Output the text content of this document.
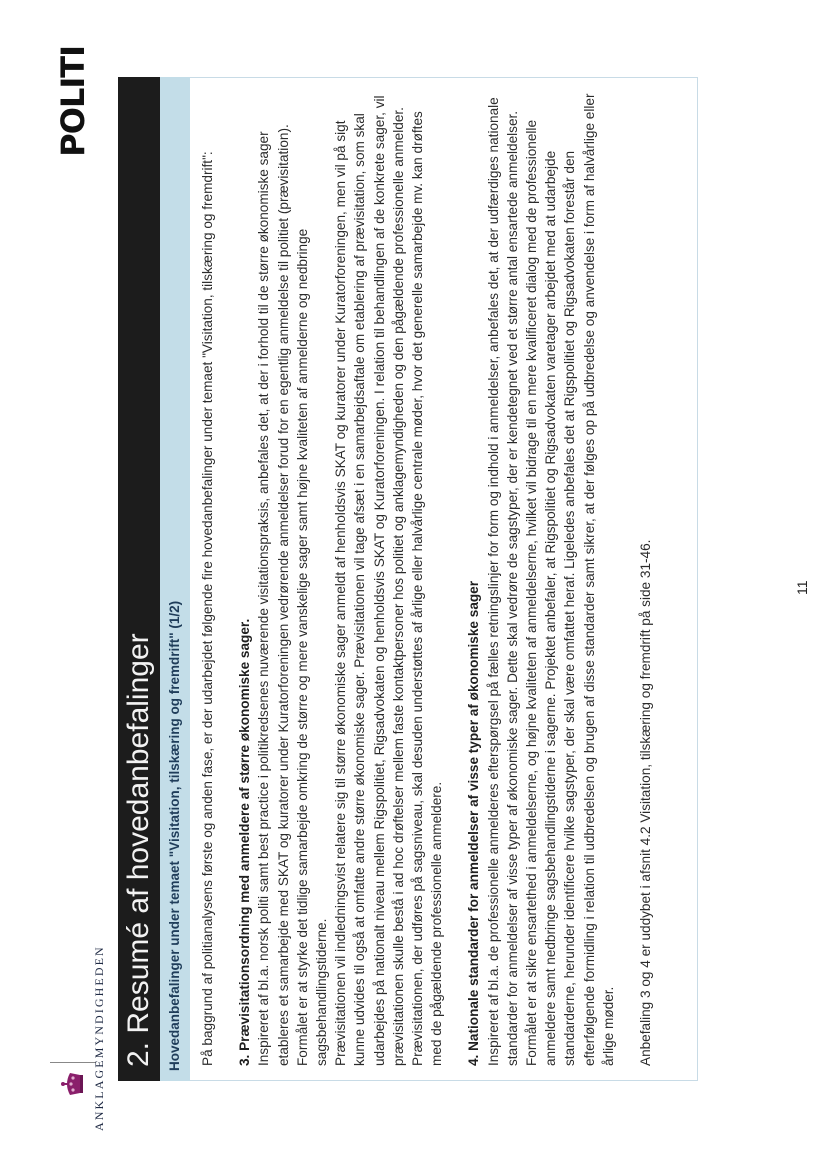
ANKLAGEMYNDIGHEDEN
POLITI
2. Resumé af hovedanbefalinger Hovedanbefalinger under temaet "Visitation, tilskæring og fremdrift" (1/2)	På baggrund af politianalysens første og anden fase, er der udarbejdet følgende fire hovedanbefalinger under temaet "Visitation, tilskæring og fremdrift": 3. Prævisitationsordning med anmeldere af større økonomiske sager. Inspireret af bl.a. norsk politi samt best practice i politikredsenes nuværende visitationspraksis, anbefales det, at der i forhold til de større økonomiske sager etableres et samarbejde med SKAT og kuratorer under Kuratorforeningen vedrørende anmeldelser forud for en egentlig anmeldelse til politiet (prævisitation). Formålet er at styrke det tidlige samarbejde omkring de større og mere vanskelige sager samt højne kvaliteten af anmelderne og nedbringe sagsbehandlingstiderne. Prævisitationen vil indledningsvist relatere sig til større økonomiske sager anmeldt af henholdsvis SKAT og kuratorer under Kuratorforeningen, men vil på sigt kunne udvides til også at omfatte andre større økonomiske sager. Prævisitationen vil tage afsæt i en samarbejdsaftale om etablering af prævisitation, som skal udarbejdes på nationalt niveau mellem Rigspolitiet, Rigsadvokaten og henholdsvis SKAT og Kuratorforeningen. I relation til behandlingen af de konkrete sager, vil prævisitationen skulle bestå i ad hoc drøftelser mellem faste kontaktpersoner hos politiet og anklagemyndigheden og den pågældende professionelle anmelder. Prævisitationen, der udføres på sagsniveau, skal desuden understøttes af årlige eller halvårlige centrale møder, hvor det generelle samarbejde mv. kan drøftes med de pågældende professionelle anmeldere. 4. Nationale standarder for anmeldelser af visse typer af økonomiske sager Inspireret af bl.a. de professionelle anmelderes efterspørgsel på fælles retningslinjer for form og indhold i anmeldelser, anbefales det, at der udfærdiges nationale standarder for anmeldelser af visse typer af økonomiske sager. Dette skal vedrøre de sagstyper, der er kendetegnet ved et større antal ensartede anmeldelser. Formålet er at sikre ensartethed i anmeldelserne, og højne kvaliteten af anmeldelserne, hvilket vil bidrage til en mere kvalificeret dialog med de professionelle anmeldere samt nedbringe sagsbehandlingstiderne i sagerne. Projektet anbefaler, at Rigspolitiet og Rigsadvokaten varetager arbejdet med at udarbejde standarderne, herunder identificere hvilke sagstyper, der skal være omfattet heraf. Ligeledes anbefales det at Rigspolitiet og Rigsadvokaten forestår den efterfølgende formidling i relation til udbredelsen og brugen af disse standarder samt sikrer, at der følges op på udbredelse og anvendelse i form af halvårlige eller årlige møder. Anbefaling 3 og 4 er uddybet i afsnit 4.2 Visitation, tilskæring og fremdrift på side 31-46.	11
